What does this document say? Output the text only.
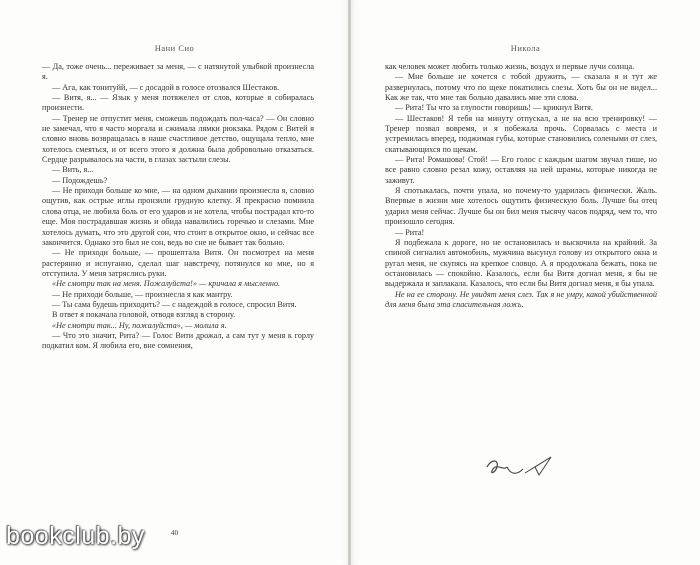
Нани Сио

— Да, тоже очень... переживает за меня, — с натянутой улыбкой произнесла я.

— Ага, как тонитуйй, — с досадой в голосе отозвался Шестаков.

— Витя, я... — Язык у меня потяжелел от слов, которые я собиралась произнести.

— Тренер не отпустит меня, сможешь подождать пол-часа? — Он словно не замечал, что я часто моргала и сжимала лямки рюкзака. Рядом с Витей я словно вновь возвращалась в наше счастливое детство, ощущала тепло, мне хотелось смеяться, и от всего этого я должна была добровольно отказаться. Сердце разрывалось на части, в глазах застыли слезы.

— Вить, я...

— Подождешь?

— Не приходи больше ко мне, — на одном дыхании произнесла я, словно ощутив, как острые иглы пронзили грудную клетку. Я прекрасно помнила слова отца, не любила боль от его ударов и не хотела, чтобы пострадал кто-то еще. Моя пострадавшая жизнь и обида навалились горечью и слезами. Мне хотелось думать, что это другой сон, что стоит в открытое окно, и сейчас все закончится. Однако это был не сон, ведь во сне не бывает так больно.

— Не приходи больше, — прошептала Витя. Он посмотрел на меня растерянно и испуганно, сделал шаг навстречу, потянулся ко мне, но я отступила. У меня затряслись руки.

«Не смотри так на меня. Пожалуйста!» — кричала я мысленно.

— Не приходи больше, — произнесла я как мантру.

— Ты сама будешь приходить? — с надеждой в голосе, спросил Витя.

В ответ я покачала головой, отводя взгляд в сторону.

«Не смотри так... Ну, пожалуйста», — молила я.

— Что это значит, Рита? — Голос Вити дрожал, а сам тут у меня к горлу подкатил ком. Я любила его, вне сомнения,

40
Никола

как человек может любить только жизнь, воздух и первые лучи солнца.

— Мне больше не хочется с тобой дружить, — сказала я и тут же развернулась, потому что по щеке покатились слезы. Хоть бы он не видел... Как же так, что мне так больно давались мне эти слова.

— Рита! Ты что за глупости говоришь! — крикнул Витя.

— Шестаков! Я тебя на минуту отпускал, а не на всю тренировку! — Тренер позвал вовремя, и я побежала прочь. Сорвалась с места и устремилась вперед, поджимая губы, которые становились солеными от слез, скатывающихся по щекам.

— Рита! Ромашова! Стой! — Его голос с каждым шагом звучал тише, но все равно словно резал кожу, оставляя на ней шрамы, которые никогда не заживут.

Я спотыкалась, почти упала, но почему-то ударилась физически. Жаль. Впервые в жизни мне хотелось ощутить физическую боль. Лучше бы отец ударил меня сейчас. Лучше бы он бил меня тысячу часов подряд, чем то, что произошло сегодня.

— Рита!

Я подбежала к дороге, но не остановилась и выскочила на крайний. За спиной сигналил автомобиль, мужчина высунул голову из открытого окна и ругал меня, не скупясь на крепкое словцо. А я продолжала бежать, пока не остановилась — спокойно. Казалось, если бы Витя догнал меня, я бы не выдержала и заплакала. Казалось, что если бы Витя догнал меня, я бы упала.

Не на ее сторону. Не увидят меня слез. Так я не умру, какой убийственной для меня была эта спасительная ложь.

bookclub.by
